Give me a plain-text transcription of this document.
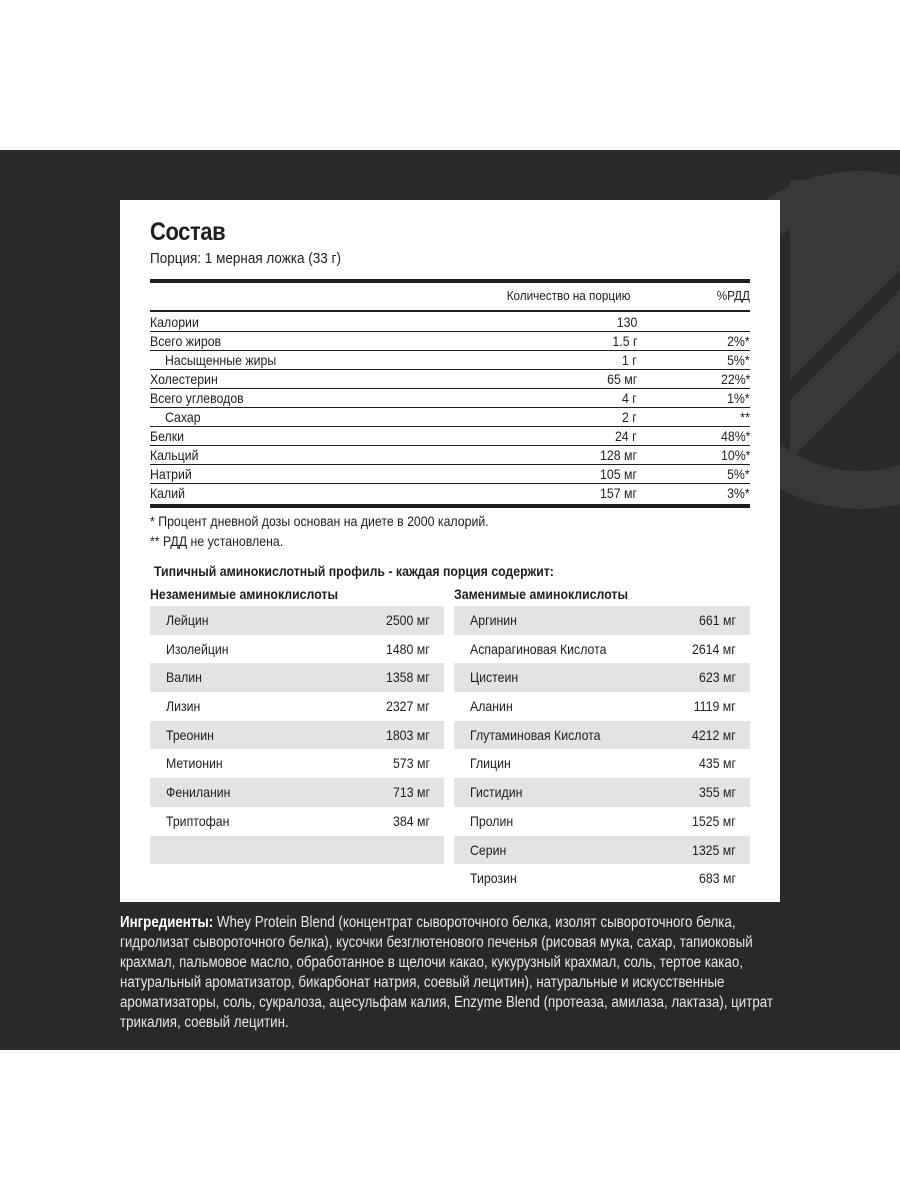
Состав
Порция: 1 мерная ложка (33 г)
Количество на порцию	%РДД
Калории	130
Всего жиров	1.5 г	2%*
Насыщенные жиры	1 г	5%*
Холестерин	65 мг	22%*
Всего углеводов	4 г	1%*
Сахар	2 г	**
Белки	24 г	48%*
Кальций	128 мг	10%*
Натрий	105 мг	5%*
Калий	157 мг	3%*
* Процент дневной дозы основан на диете в 2000 калорий.
** РДД не установлена.
Типичный аминокислотный профиль - каждая порция содержит:
Незаменимые аминоклислоты	Заменимые аминоклислоты
Лейцин	2500 мг
Изолейцин	1480 мг
Валин	1358 мг
Лизин	2327 мг
Треонин	1803 мг
Метионин	573 мг
Фениланин	713 мг
Триптофан	384 мг
Аргинин	661 мг
Аспарагиновая Кислота	2614 мг
Цистеин	623 мг
Аланин	1119 мг
Глутаминовая Кислота	4212 мг
Глицин	435 мг
Гистидин	355 мг
Пролин	1525 мг
Серин	1325 мг
Тирозин	683 мг
Ингредиенты: Whey Protein Blend (концентрат сывороточного белка, изолят сывороточного белка,
гидролизат сывороточного белка), кусочки безглютенового печенья (рисовая мука, сахар, тапиоковый
крахмал, пальмовое масло, обработанное в щелочи какао, кукурузный крахмал, соль, тертое какао,
натуральный ароматизатор, бикарбонат натрия, соевый лецитин), натуральные и искусственные
ароматизаторы, соль, сукралоза, ацесульфам калия, Enzyme Blend (протеаза, амилаза, лактаза), цитрат
трикалия, соевый лецитин.
